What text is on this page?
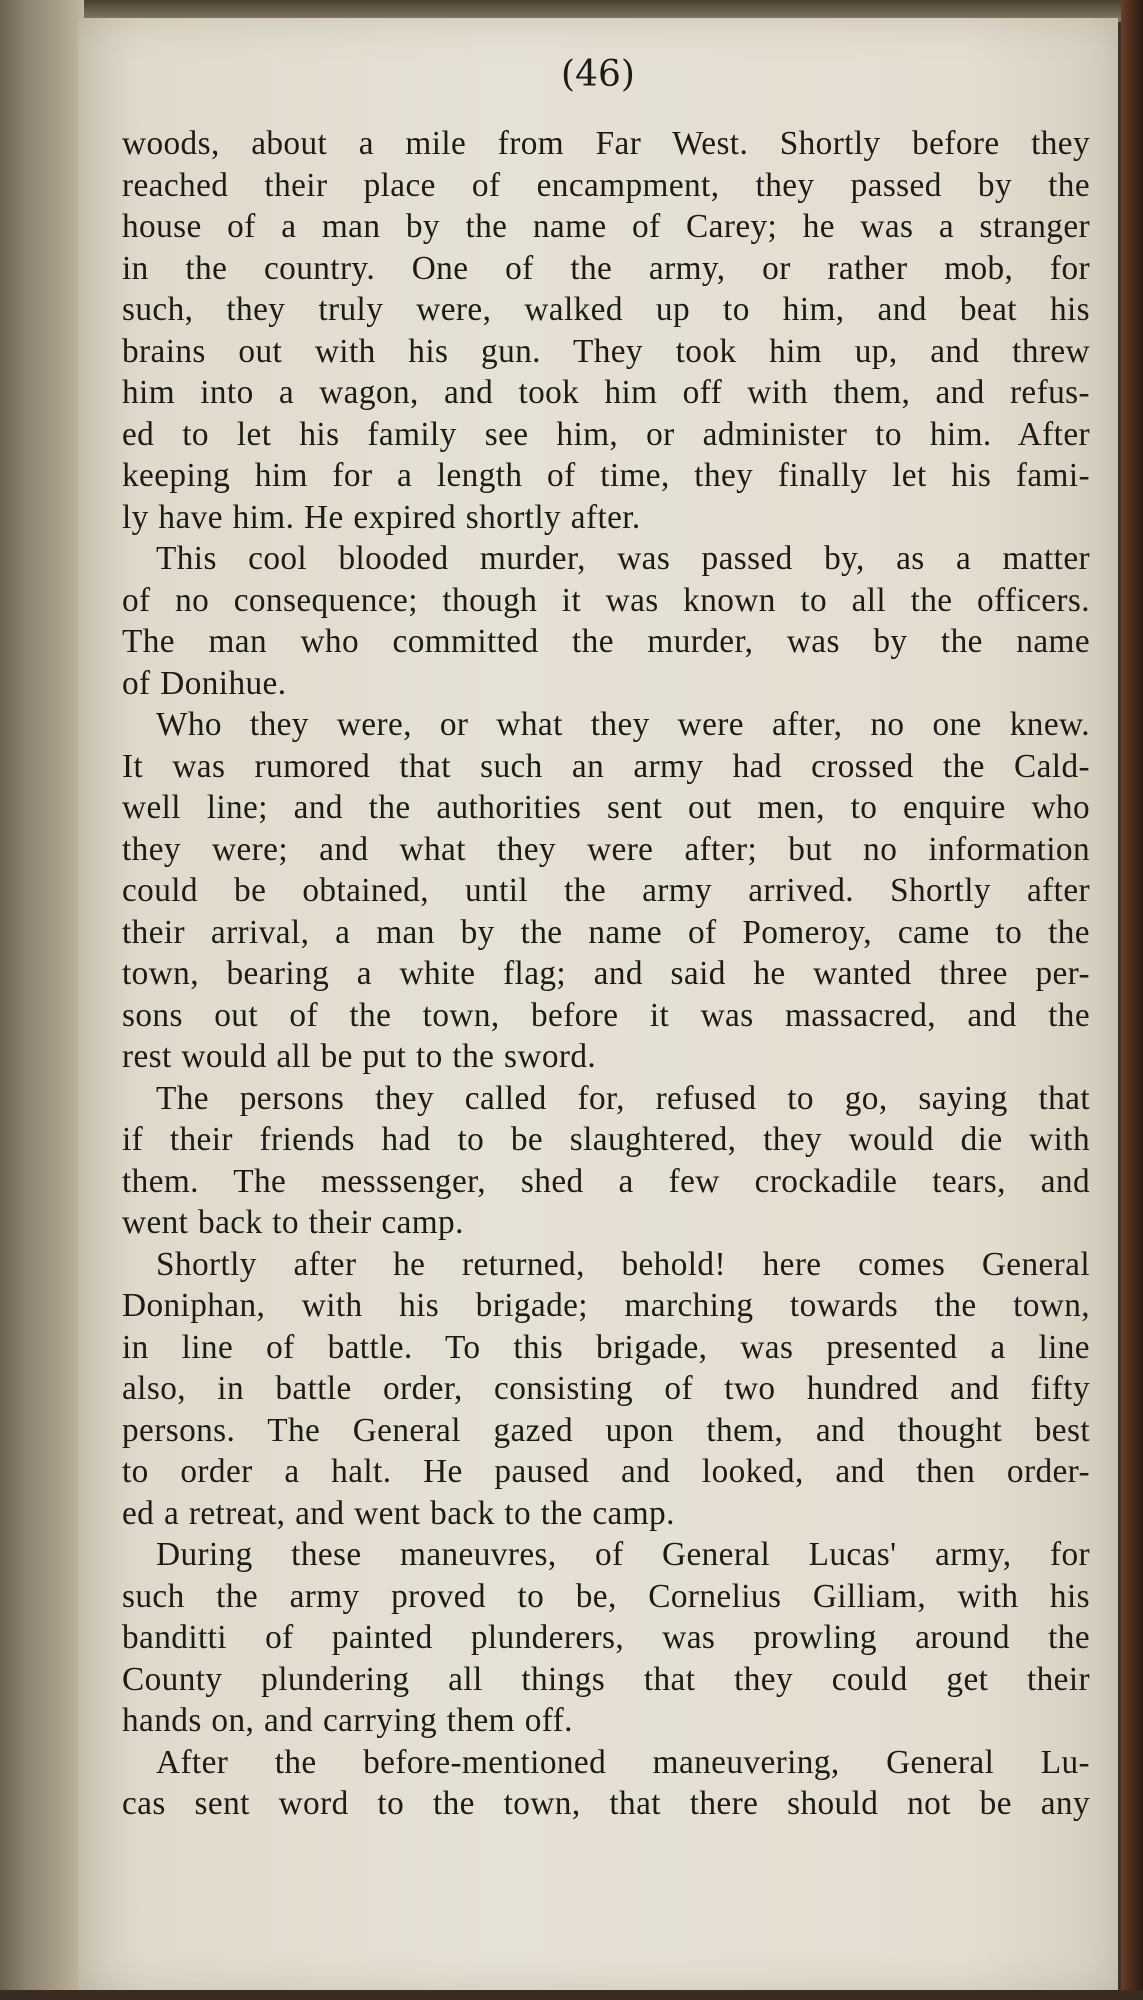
(46)

woods, about a mile from Far West. Shortly before they
reached their place of encampment, they passed by the
house of a man by the name of Carey; he was a stranger
in the country. One of the army, or rather mob, for
such, they truly were, walked up to him, and beat his
brains out with his gun. They took him up, and threw
him into a wagon, and took him off with them, and refus-
ed to let his family see him, or administer to him. After
keeping him for a length of time, they finally let his fami-
ly have him. He expired shortly after.

This cool blooded murder, was passed by, as a matter
of no consequence; though it was known to all the officers.
The man who committed the murder, was by the name
of Donihue.

Who they were, or what they were after, no one knew.
It was rumored that such an army had crossed the Cald-
well line; and the authorities sent out men, to enquire who
they were; and what they were after; but no information
could be obtained, until the army arrived. Shortly after
their arrival, a man by the name of Pomeroy, came to the
town, bearing a white flag; and said he wanted three per-
sons out of the town, before it was massacred, and the
rest would all be put to the sword.

The persons they called for, refused to go, saying that
if their friends had to be slaughtered, they would die with
them. The messsenger, shed a few crockadile tears, and
went back to their camp.

Shortly after he returned, behold! here comes General
Doniphan, with his brigade; marching towards the town,
in line of battle. To this brigade, was presented a line
also, in battle order, consisting of two hundred and fifty
persons. The General gazed upon them, and thought best
to order a halt. He paused and looked, and then order-
ed a retreat, and went back to the camp.

During these maneuvres, of General Lucas' army, for
such the army proved to be, Cornelius Gilliam, with his
banditti of painted plunderers, was prowling around the
County plundering all things that they could get their
hands on, and carrying them off.

After the before-mentioned maneuvering, General Lu-
cas sent word to the town, that there should not be any
